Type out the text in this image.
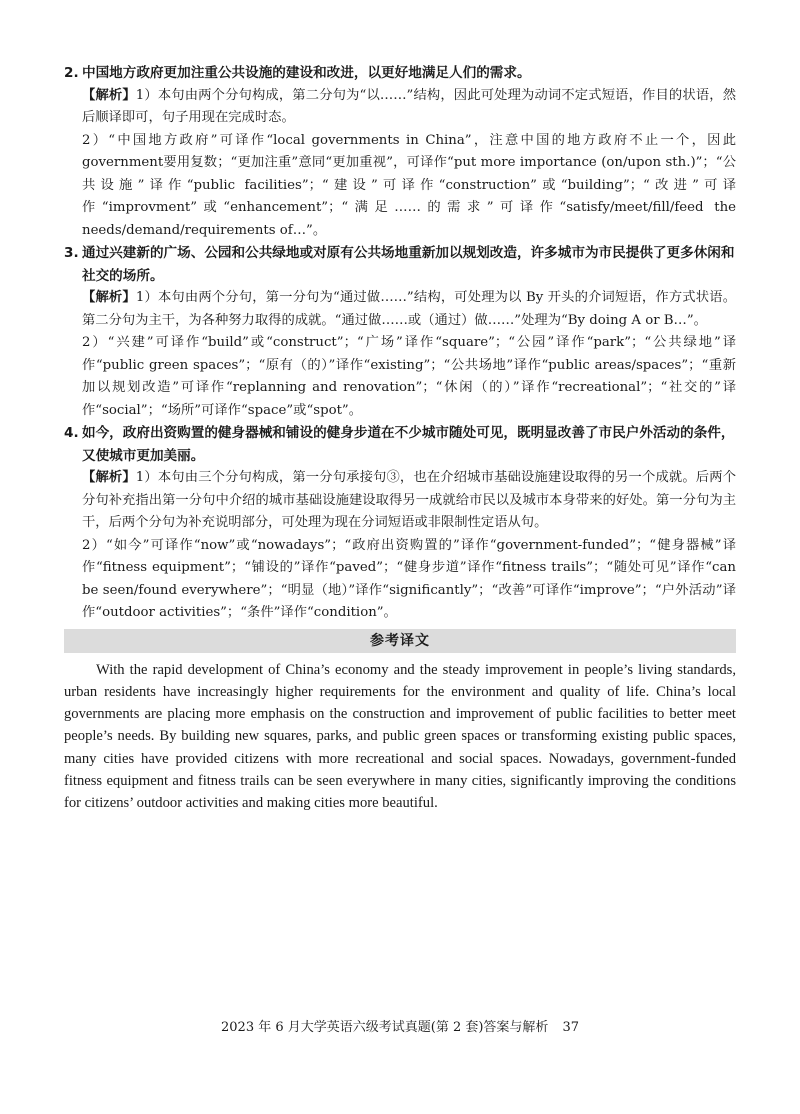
2. 中国地方政府更加注重公共设施的建设和改进，以更好地满足人们的需求。
【解析】1）本句由两个分句构成，第二分句为“以……”结构，因此可处理为动词不定式短语，作目的状语，然后顺译即可，句子用现在完成时态。
2）“中国地方政府”可译作“local governments in China”，注意中国的地方政府不止一个，因此government要用复数；“更加注重”意同“更加重视”，可译作“put more importance (on/upon sth.)”；“公共设施”译作“public facilities”；“建设”可译作“construction”或“building”；“改进”可译作“improvment”或“enhancement”；“满足……的需求”可译作“satisfy/meet/fill/feed the needs/demand/requirements of…”。
3. 通过兴建新的广场、公园和公共绿地或对原有公共场地重新加以规划改造，许多城市为市民提供了更多休闲和社交的场所。
【解析】1）本句由两个分句，第一分句为“通过做……”结构，可处理为以 By 开头的介词短语，作方式状语。第二分句为主干，为各种努力取得的成就。“通过做……或（通过）做……”处理为“By doing A or B…”。
2）“兴建”可译作“build”或“construct”；“广场”译作“square”；“公园”译作“park”；“公共绿地”译作“public green spaces”；“原有（的）”译作“existing”；“公共场地”译作“public areas/spaces”；“重新加以规划改造”可译作“replanning and renovation”；“休闲（的）”译作“recreational”；“社交的”译作“social”；“场所”可译作“space”或“spot”。
4. 如今，政府出资购置的健身器械和铺设的健身步道在不少城市随处可见，既明显改善了市民户外活动的条件，又使城市更加美丽。
【解析】1）本句由三个分句构成，第一分句承接句③，也在介绍城市基础设施建设取得的另一个成就。后两个分句补充指出第一分句中介绍的城市基础设施建设取得另一成就给市民以及城市本身带来的好处。第一分句为主干，后两个分句为补充说明部分，可处理为现在分词短语或非限制性定语从句。
2）“如今”可译作“now”或“nowadays”；“政府出资购置的”译作“government-funded”；“健身器械”译作“fitness equipment”；“铺设的”译作“paved”；“健身步道”译作“fitness trails”；“随处可见”译作“can be seen/found everywhere”；“明显（地）”译作“significantly”；“改善”可译作“improve”；“户外活动”译作“outdoor activities”；“条件”译作“condition”。
参考译文
With the rapid development of China’s economy and the steady improvement in people’s living standards, urban residents have increasingly higher requirements for the environment and quality of life. China’s local governments are placing more emphasis on the construction and improvement of public facilities to better meet people’s needs. By building new squares, parks, and public green spaces or transforming existing public spaces, many cities have provided citizens with more recreational and social spaces. Nowadays, government-funded fitness equipment and fitness trails can be seen everywhere in many cities, significantly improving the conditions for citizens’ outdoor activities and making cities more beautiful.
2023 年 6 月大学英语六级考试真题(第 2 套)答案与解析 37
